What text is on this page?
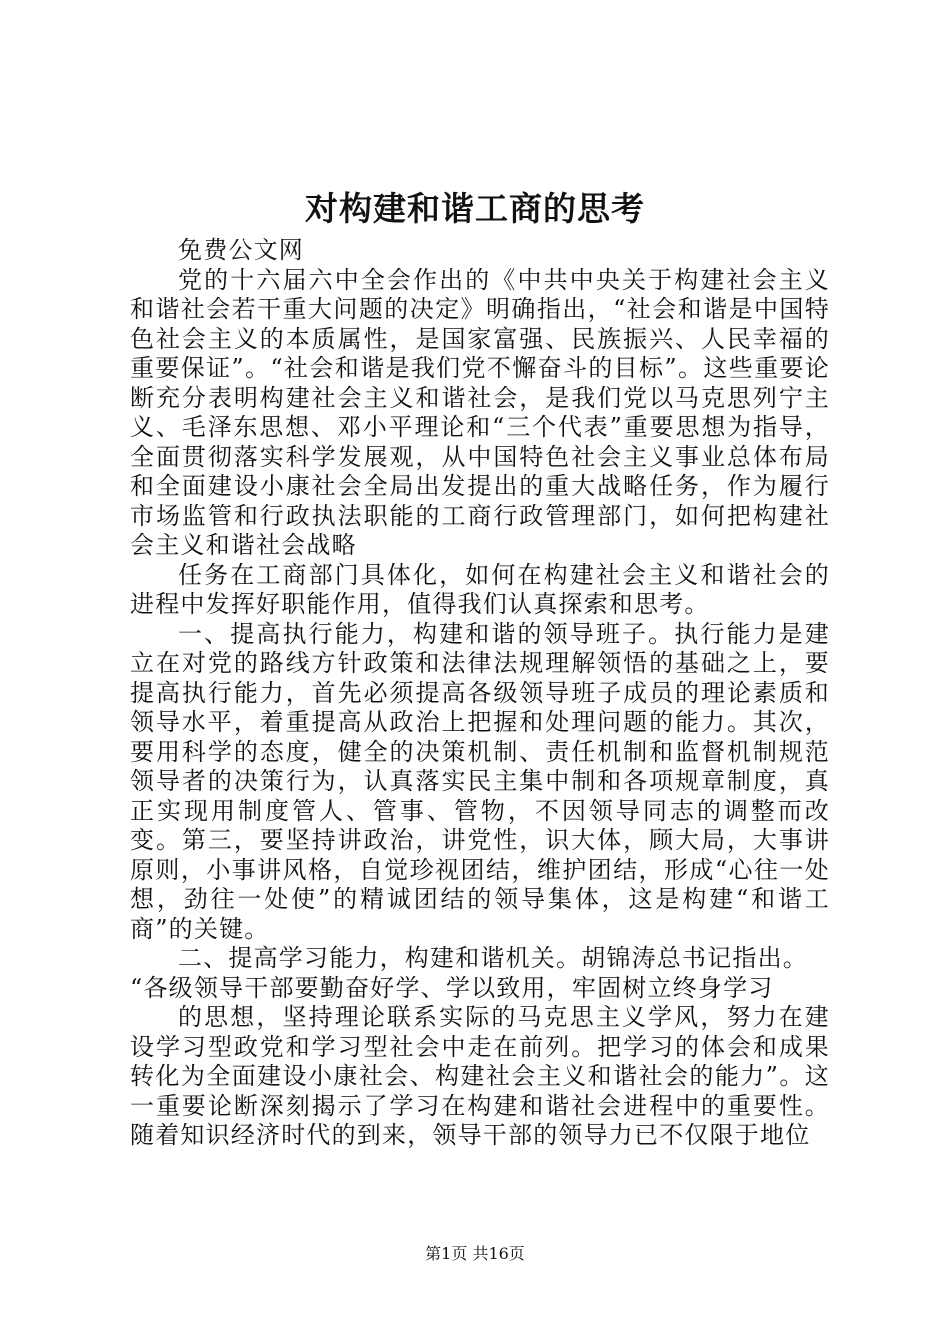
对构建和谐工商的思考

免费公文网

党的十六届六中全会作出的《中共中央关于构建社会主义和谐社会若干重大问题的决定》明确指出，“社会和谐是中国特色社会主义的本质属性，是国家富强、民族振兴、人民幸福的重要保证”。“社会和谐是我们党不懈奋斗的目标”。这些重要论断充分表明构建社会主义和谐社会，是我们党以马克思列宁主义、毛泽东思想、邓小平理论和“三个代表”重要思想为指导，全面贯彻落实科学发展观，从中国特色社会主义事业总体布局和全面建设小康社会全局出发提出的重大战略任务，作为履行市场监管和行政执法职能的工商行政管理部门，如何把构建社会主义和谐社会战略

任务在工商部门具体化，如何在构建社会主义和谐社会的进程中发挥好职能作用，值得我们认真探索和思考。

一、提高执行能力，构建和谐的领导班子。执行能力是建立在对党的路线方针政策和法律法规理解领悟的基础之上，要提高执行能力，首先必须提高各级领导班子成员的理论素质和领导水平，着重提高从政治上把握和处理问题的能力。其次，要用科学的态度，健全的决策机制、责任机制和监督机制规范领导者的决策行为，认真落实民主集中制和各项规章制度，真正实现用制度管人、管事、管物，不因领导同志的调整而改变。第三，要坚持讲政治，讲党性，识大体，顾大局，大事讲原则，小事讲风格，自觉珍视团结，维护团结，形成“心往一处想，劲往一处使”的精诚团结的领导集体，这是构建“和谐工商”的关键。

二、提高学习能力，构建和谐机关。胡锦涛总书记指出。

“各级领导干部要勤奋好学、学以致用，牢固树立终身学习

的思想，坚持理论联系实际的马克思主义学风，努力在建设学习型政党和学习型社会中走在前列。把学习的体会和成果转化为全面建设小康社会、构建社会主义和谐社会的能力”。这一重要论断深刻揭示了学习在构建和谐社会进程中的重要性。随着知识经济时代的到来，领导干部的领导力已不仅限于地位

第1页 共16页
